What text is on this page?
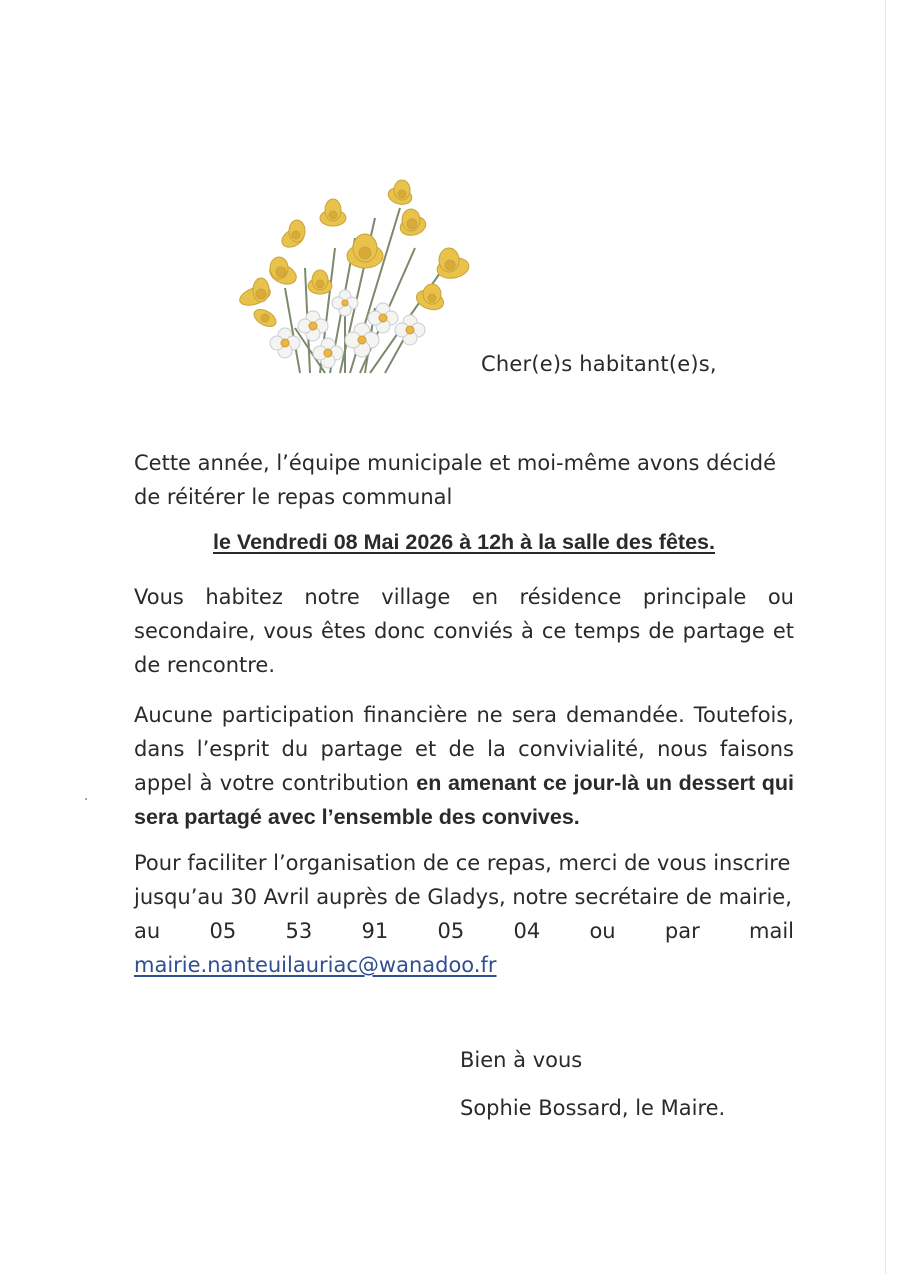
Cher(e)s habitant(e)s,
Cette année, l’équipe municipale et moi-même avons décidé de réitérer le repas communal
le Vendredi 08 Mai 2026 à 12h à la salle des fêtes.
Vous habitez notre village en résidence principale ou secondaire, vous êtes donc conviés à ce temps de partage et de rencontre.
Aucune participation financière ne sera demandée. Toutefois, dans l’esprit du partage et de la convivialité, nous faisons appel à votre contribution en amenant ce jour-là un dessert qui sera partagé avec l’ensemble des convives.
Pour faciliter l’organisation de ce repas, merci de vous inscrire jusqu’au 30 Avril auprès de Gladys, notre secrétaire de mairie,
au 05 53 91 05 04 ou par mail
mairie.nanteuilauriac@wanadoo.fr
Bien à vous
Sophie Bossard, le Maire.
